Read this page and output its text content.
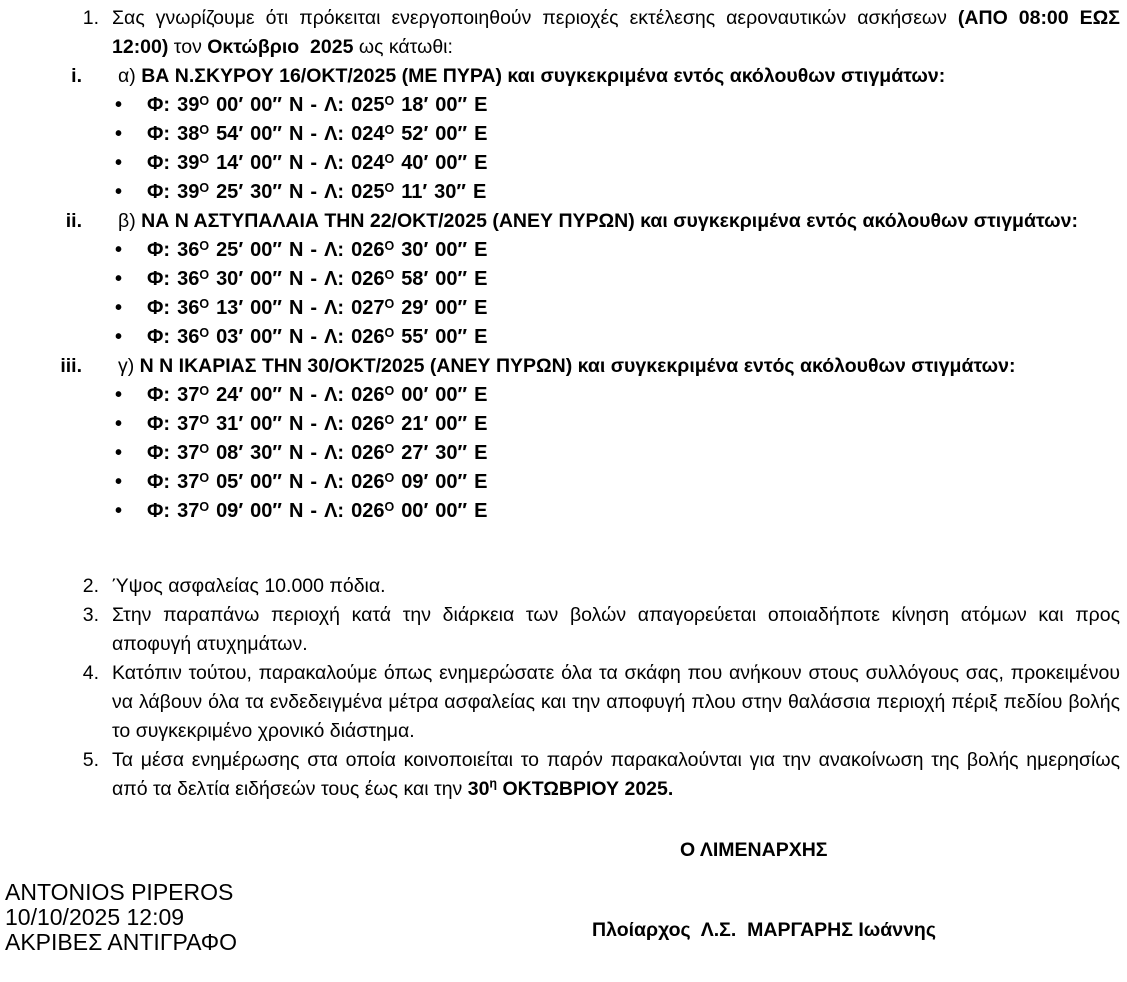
1. Σας γνωρίζουμε ότι πρόκειται ενεργοποιηθούν περιοχές εκτέλεσης αεροναυτικών ασκήσεων (ΑΠΟ 08:00 ΕΩΣ 12:00) τον Οκτώβριο  2025 ως κάτωθι:
i. α) ΒΑ Ν.ΣΚΥΡΟΥ 16/ΟΚΤ/2025 (ΜΕ ΠΥΡΑ) και συγκεκριμένα εντός ακόλουθων στιγμάτων:
•	Φ: $39^O$ 00 ′ 00 ′′ N - Λ: $025^O$ 18 ′ 00 ′′ E
•	Φ: $38^O$ 54 ′ 00 ′′ N - Λ: $024^O$ 52 ′ 00 ′′ E
•	Φ: $39^O$ 14 ′ 00 ′′ N - Λ: $024^O$ 40 ′ 00 ′′ E
•	Φ: $39^O$ 25 ′ 30 ′′ N - Λ: $025^O$ 11 ′ 30 ′′ E
ii. β) ΝΑ Ν ΑΣΤΥΠΑΛΑΙΑ ΤΗΝ 22/ΟΚΤ/2025 (ΑΝΕΥ ΠΥΡΩΝ) και συγκεκριμένα εντός ακόλουθων στιγμάτων:
•	Φ: $36^O$ 25 ′ 00 ′′ N - Λ: $026^O$ 30 ′ 00 ′′ E
•	Φ: $36^O$ 30 ′ 00 ′′ N - Λ: $026^O$ 58 ′ 00 ′′ E
•	Φ: $36^O$ 13 ′ 00 ′′ N - Λ: $027^O$ 29 ′ 00 ′′ E
•	Φ: $36^O$ 03 ′ 00 ′′ N - Λ: $026^O$ 55 ′ 00 ′′ E
iii. γ) Ν Ν ΙΚΑΡΙΑΣ ΤΗΝ 30/ΟΚΤ/2025 (ΑΝΕΥ ΠΥΡΩΝ) και συγκεκριμένα εντός ακόλουθων στιγμάτων:
•	Φ: $37^O$ 24 ′ 00 ′′ N - Λ: $026^O$ 00 ′ 00 ′′ E
•	Φ: $37^O$ 31 ′ 00 ′′ N - Λ: $026^O$ 21 ′ 00 ′′ E
•	Φ: $37^O$ 08 ′ 30 ′′ N - Λ: $026^O$ 27 ′ 30 ′′ E
•	Φ: $37^O$ 05 ′ 00 ′′ N - Λ: $026^O$ 09 ′ 00 ′′ E
•	Φ: $37^O$ 09 ′ 00 ′′ N - Λ: $026^O$ 00 ′ 00 ′′ E
2. Ύψος ασφαλείας 10.000 πόδια.
3. Στην παραπάνω περιοχή κατά την διάρκεια των βολών απαγορεύεται οποιαδήποτε κίνηση ατόμων και προς αποφυγή ατυχημάτων.
4. Κατόπιν τούτου, παρακαλούμε όπως ενημερώσατε όλα τα σκάφη που ανήκουν στους συλλόγους σας, προκειμένου να λάβουν όλα τα ενδεδειγμένα μέτρα ασφαλείας και την αποφυγή πλου στην θαλάσσια περιοχή πέριξ πεδίου βολής το συγκεκριμένο χρονικό διάστημα.
5. Τα μέσα ενημέρωσης στα οποία κοινοποιείται το παρόν παρακαλούνται για την ανακοίνωση της βολής ημερησίως από τα δελτία ειδήσεών τους έως και την $30^\eta$ ΟΚΤΩΒΡΙΟΥ 2025.
Ο ΛΙΜΕΝΑΡΧΗΣ
Πλοίαρχος  Λ.Σ.  ΜΑΡΓΑΡΗΣ Ιωάννης
ANTONIOS PIPEROS
10/10/2025 12:09
ΑΚΡΙΒΕΣ ΑΝΤΙΓΡΑΦΟ
